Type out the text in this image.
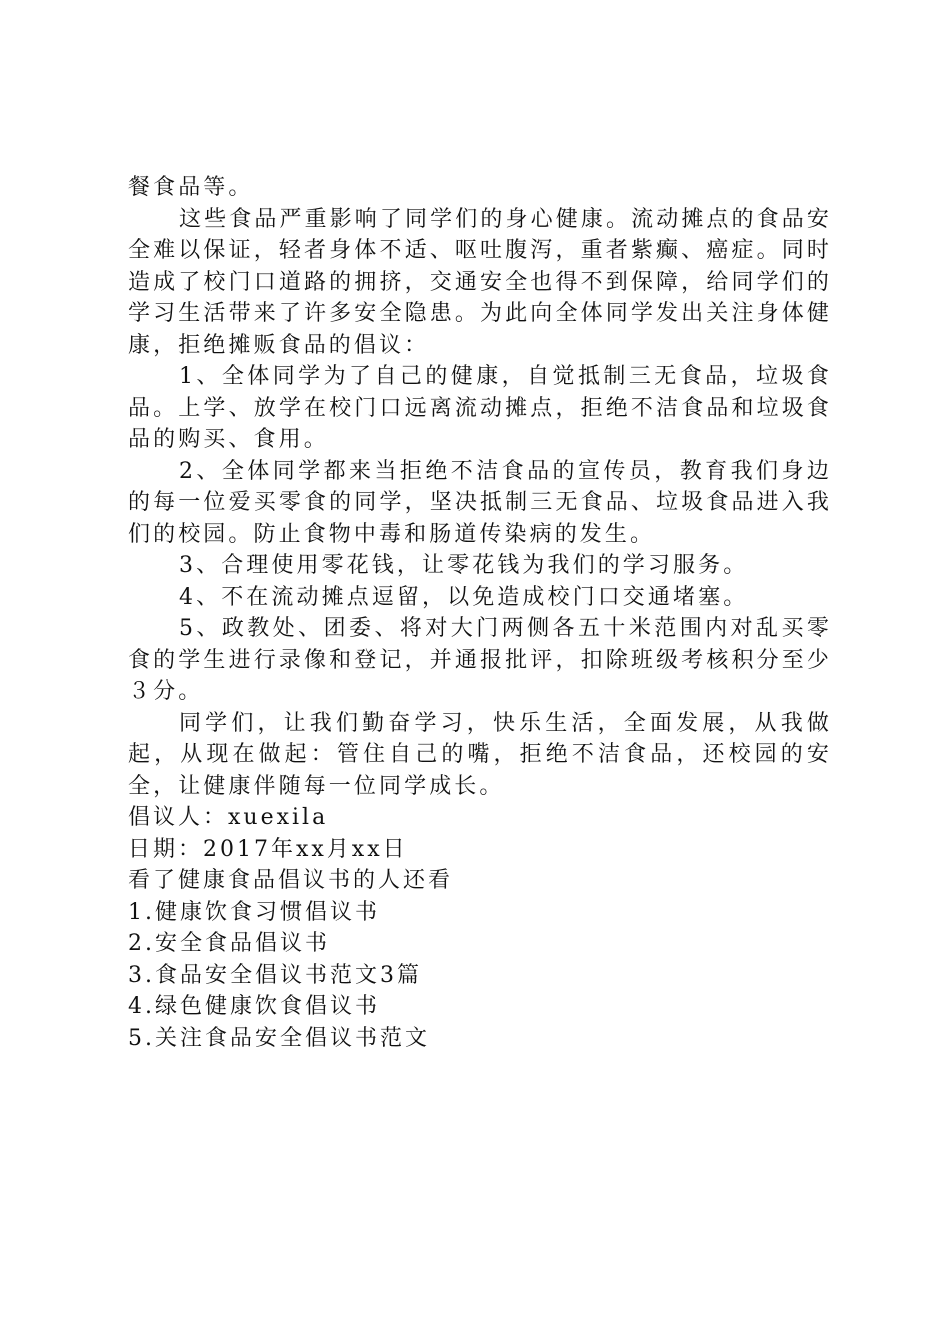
餐食品等。

这些食品严重影响了同学们的身心健康。流动摊点的食品安全难以保证，轻者身体不适、呕吐腹泻，重者紫癫、癌症。同时造成了校门口道路的拥挤，交通安全也得不到保障，给同学们的学习生活带来了许多安全隐患。为此向全体同学发出关注身体健康，拒绝摊贩食品的倡议：

1、全体同学为了自己的健康，自觉抵制三无食品，垃圾食品。上学、放学在校门口远离流动摊点，拒绝不洁食品和垃圾食品的购买、食用。

2、全体同学都来当拒绝不洁食品的宣传员，教育我们身边的每一位爱买零食的同学，坚决抵制三无食品、垃圾食品进入我们的校园。防止食物中毒和肠道传染病的发生。

3、合理使用零花钱，让零花钱为我们的学习服务。

4、不在流动摊点逗留，以免造成校门口交通堵塞。

5、政教处、团委、将对大门两侧各五十米范围内对乱买零食的学生进行录像和登记，并通报批评，扣除班级考核积分至少３分。

同学们，让我们勤奋学习，快乐生活，全面发展，从我做起，从现在做起：管住自己的嘴，拒绝不洁食品，还校园的安全，让健康伴随每一位同学成长。

倡议人：xuexila

日期：2017年xx月xx日

看了健康食品倡议书的人还看

1.健康饮食习惯倡议书

2.安全食品倡议书

3.食品安全倡议书范文3篇

4.绿色健康饮食倡议书

5.关注食品安全倡议书范文
